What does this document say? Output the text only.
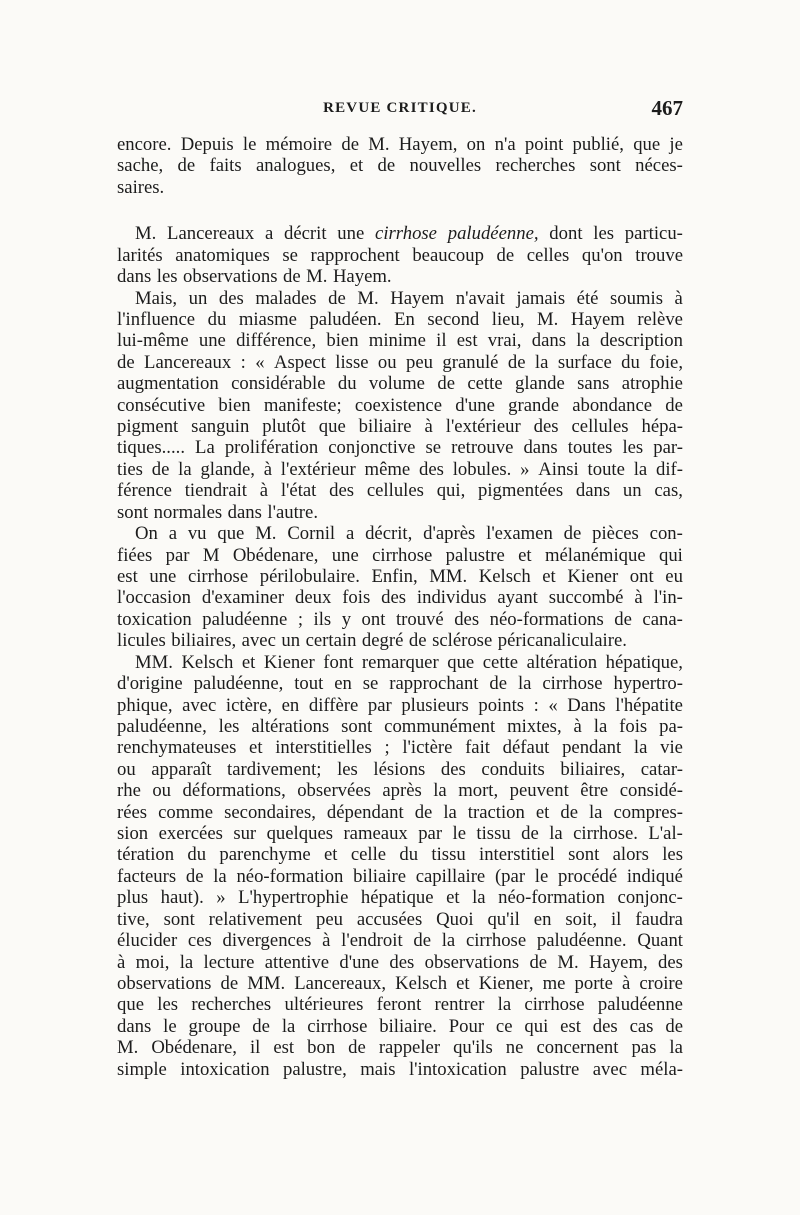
REVUE CRITIQUE.	467
encore. Depuis le mémoire de M. Hayem, on n'a point publié, que je
sache, de faits analogues, et de nouvelles recherches sont néces-
saires.
M. Lancereaux a décrit une cirrhose paludéenne, dont les particu-
larités anatomiques se rapprochent beaucoup de celles qu'on trouve
dans les observations de M. Hayem.
Mais, un des malades de M. Hayem n'avait jamais été soumis à
l'influence du miasme paludéen. En second lieu, M. Hayem relève
lui-même une différence, bien minime il est vrai, dans la description
de Lancereaux : « Aspect lisse ou peu granulé de la surface du foie,
augmentation considérable du volume de cette glande sans atrophie
consécutive bien manifeste; coexistence d'une grande abondance de
pigment sanguin plutôt que biliaire à l'extérieur des cellules hépa-
tiques..... La prolifération conjonctive se retrouve dans toutes les par-
ties de la glande, à l'extérieur même des lobules. » Ainsi toute la dif-
férence tiendrait à l'état des cellules qui, pigmentées dans un cas,
sont normales dans l'autre.
On a vu que M. Cornil a décrit, d'après l'examen de pièces con-
fiées par M Obédenare, une cirrhose palustre et mélanémique qui
est une cirrhose périlobulaire. Enfin, MM. Kelsch et Kiener ont eu
l'occasion d'examiner deux fois des individus ayant succombé à l'in-
toxication paludéenne ; ils y ont trouvé des néo-formations de cana-
licules biliaires, avec un certain degré de sclérose péricanaliculaire.
MM. Kelsch et Kiener font remarquer que cette altération hépatique,
d'origine paludéenne, tout en se rapprochant de la cirrhose hypertro-
phique, avec ictère, en diffère par plusieurs points : « Dans l'hépatite
paludéenne, les altérations sont communément mixtes, à la fois pa-
renchymateuses et interstitielles ; l'ictère fait défaut pendant la vie
ou apparaît tardivement; les lésions des conduits biliaires, catar-
rhe ou déformations, observées après la mort, peuvent être considé-
rées comme secondaires, dépendant de la traction et de la compres-
sion exercées sur quelques rameaux par le tissu de la cirrhose. L'al-
tération du parenchyme et celle du tissu interstitiel sont alors les
facteurs de la néo-formation biliaire capillaire (par le procédé indiqué
plus haut). » L'hypertrophie hépatique et la néo-formation conjonc-
tive, sont relativement peu accusées Quoi qu'il en soit, il faudra
élucider ces divergences à l'endroit de la cirrhose paludéenne. Quant
à moi, la lecture attentive d'une des observations de M. Hayem, des
observations de MM. Lancereaux, Kelsch et Kiener, me porte à croire
que les recherches ultérieures feront rentrer la cirrhose paludéenne
dans le groupe de la cirrhose biliaire. Pour ce qui est des cas de
M. Obédenare, il est bon de rappeler qu'ils ne concernent pas la
simple intoxication palustre, mais l'intoxication palustre avec méla-
